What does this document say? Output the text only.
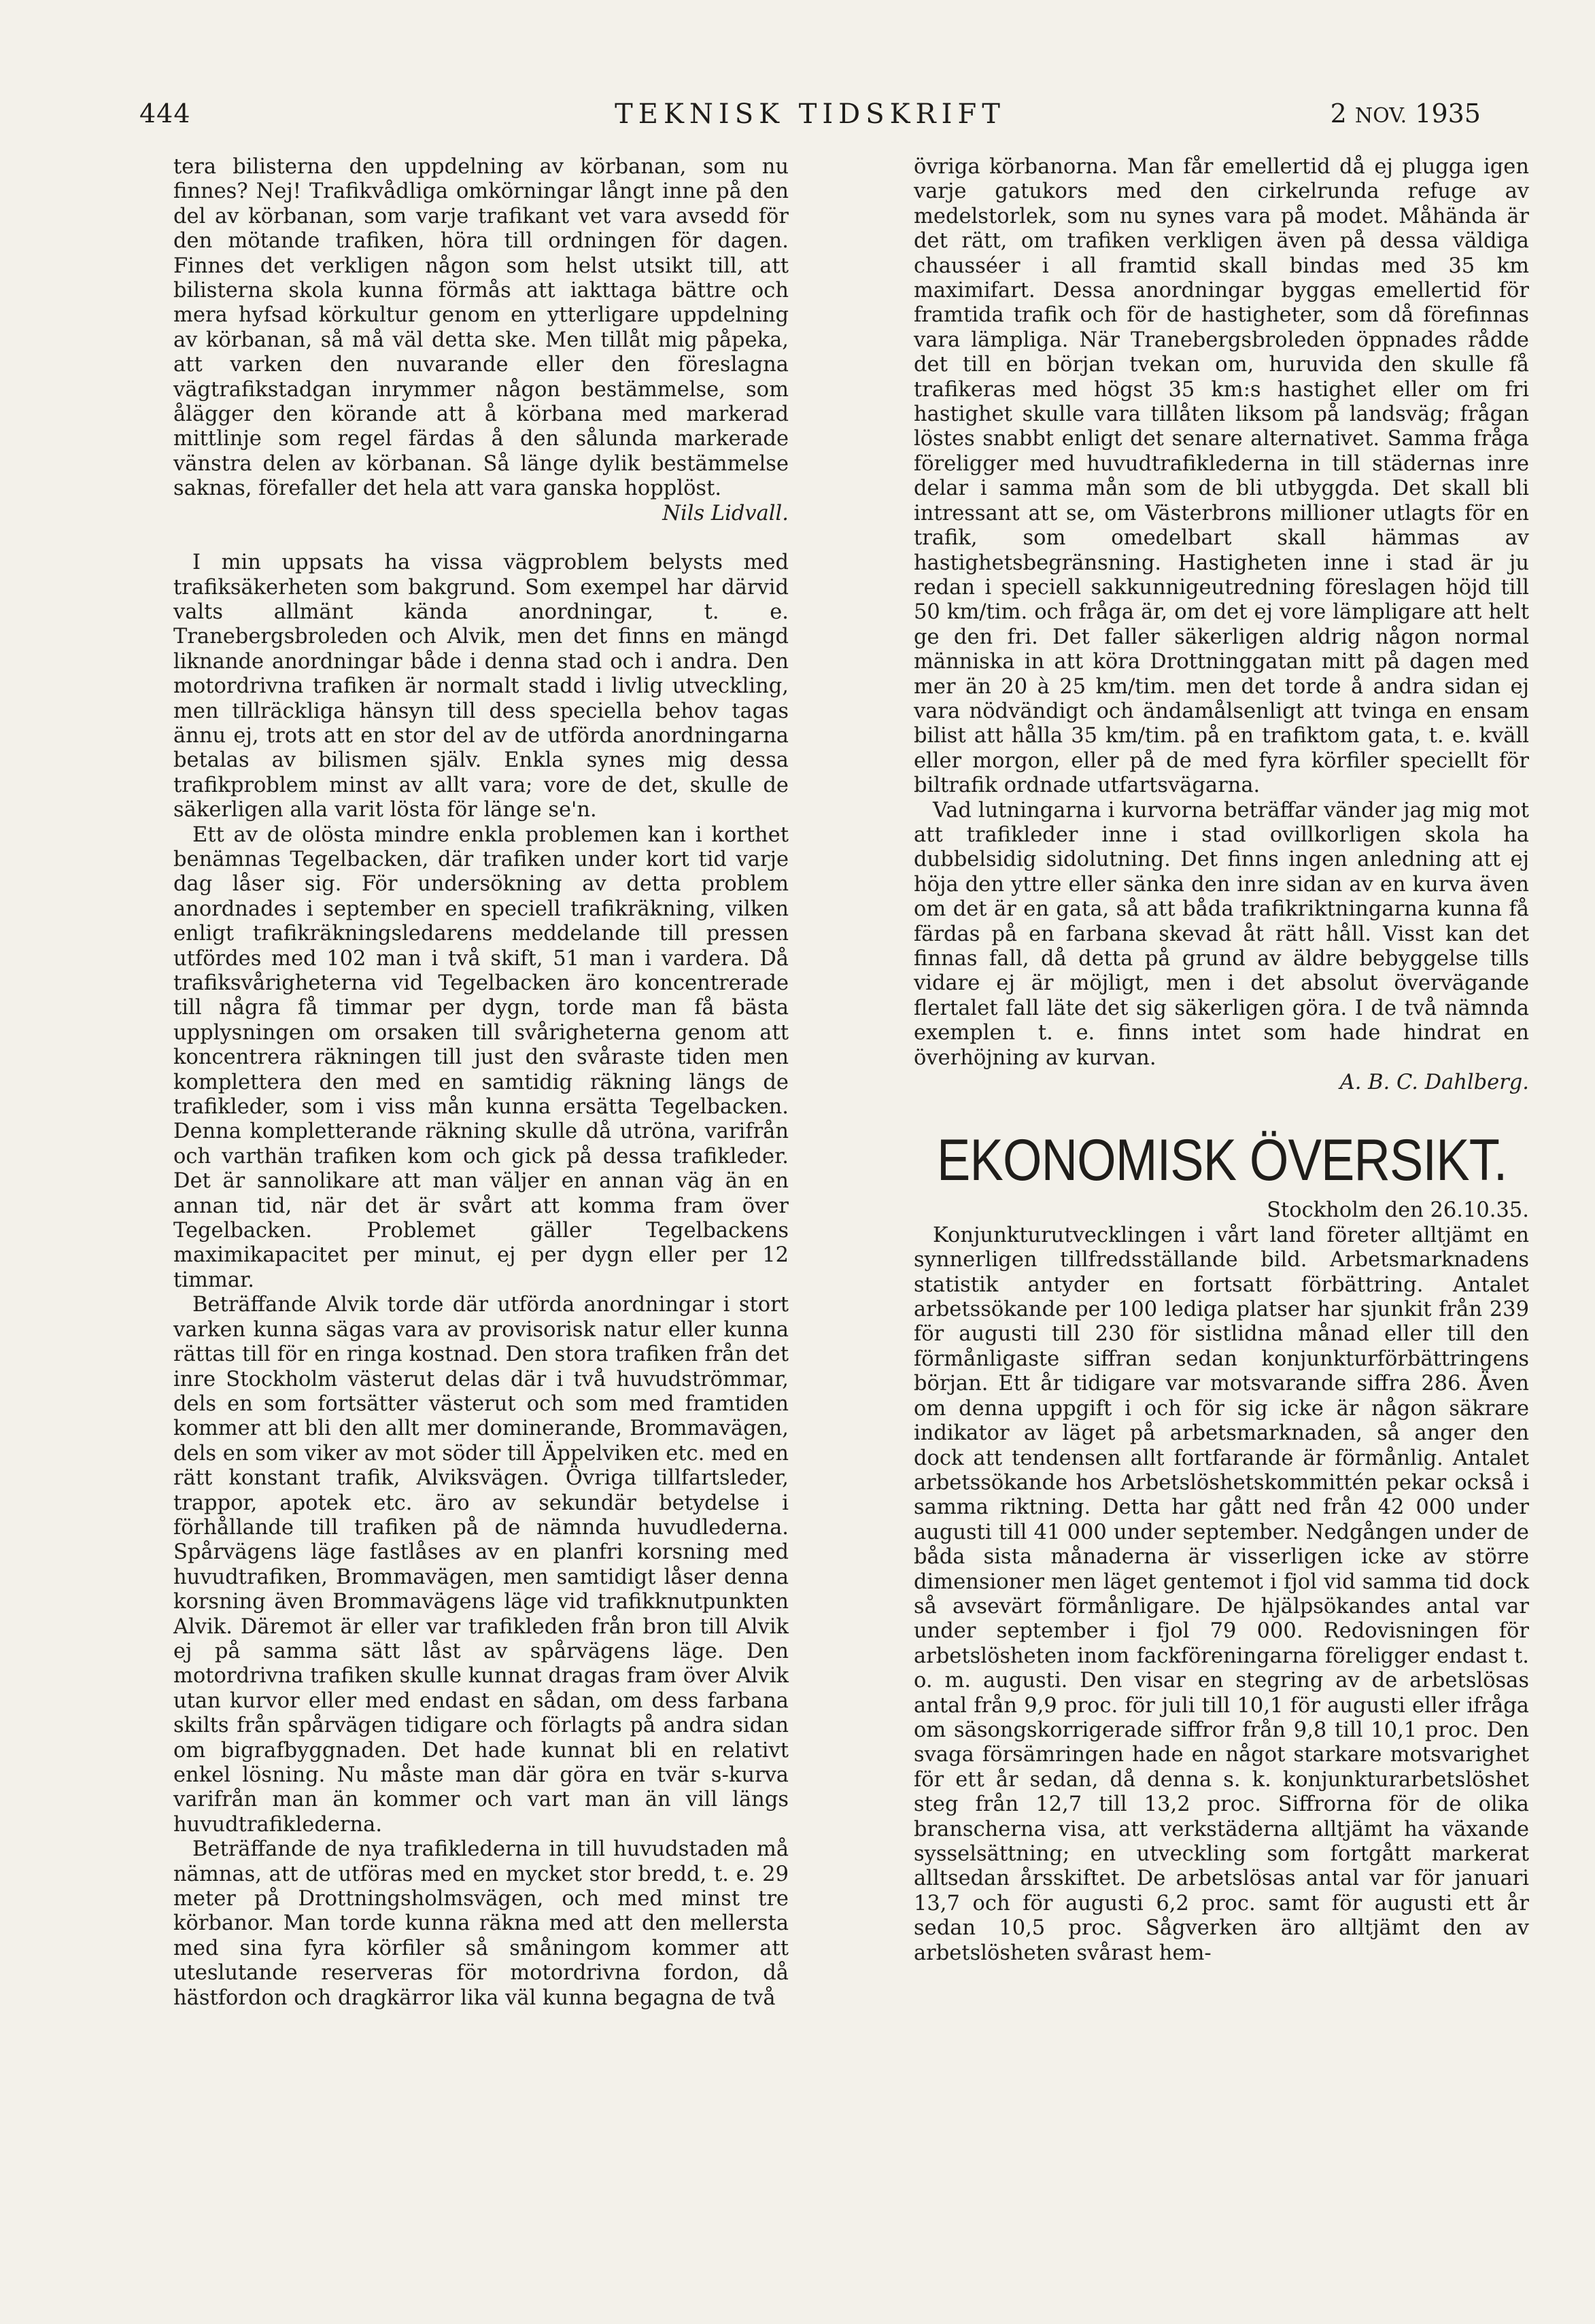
444	TEKNISK TIDSKRIFT	2 NOV. 1935

tera bilisterna den uppdelning av körbanan, som nu finnes? Nej! Trafikvådliga omkörningar långt inne på den del av körbanan, som varje trafikant vet vara avsedd för den mötande trafiken, höra till ordningen för dagen. Finnes det verkligen någon som helst utsikt till, att bilisterna skola kunna förmås att iakttaga bättre och mera hyfsad körkultur genom en ytterligare uppdelning av körbanan, så må väl detta ske. Men tillåt mig påpeka, att varken den nuvarande eller den föreslagna vägtrafikstadgan inrymmer någon bestämmelse, som ålägger den körande att å körbana med markerad mittlinje som regel färdas å den sålunda markerade vänstra delen av körbanan. Så länge dylik bestämmelse saknas, förefaller det hela att vara ganska hopplöst.

Nils Lidvall.

I min uppsats ha vissa vägproblem belysts med trafiksäkerheten som bakgrund. Som exempel har därvid valts allmänt kända anordningar, t. e. Tranebergsbroleden och Alvik, men det finns en mängd liknande anordningar både i denna stad och i andra. Den motordrivna trafiken är normalt stadd i livlig utveckling, men tillräckliga hänsyn till dess speciella behov tagas ännu ej, trots att en stor del av de utförda anordningarna betalas av bilismen själv. Enkla synes mig dessa trafikproblem minst av allt vara; vore de det, skulle de säkerligen alla varit lösta för länge se'n.

Ett av de olösta mindre enkla problemen kan i korthet benämnas Tegelbacken, där trafiken under kort tid varje dag låser sig. För undersökning av detta problem anordnades i september en speciell trafikräkning, vilken enligt trafikräkningsledarens meddelande till pressen utfördes med 102 man i två skift, 51 man i vardera. Då trafiksvårigheterna vid Tegelbacken äro koncentrerade till några få timmar per dygn, torde man få bästa upplysningen om orsaken till svårigheterna genom att koncentrera räkningen till just den svåraste tiden men komplettera den med en samtidig räkning längs de trafikleder, som i viss mån kunna ersätta Tegelbacken. Denna kompletterande räkning skulle då utröna, varifrån och varthän trafiken kom och gick på dessa trafikleder. Det är sannolikare att man väljer en annan väg än en annan tid, när det är svårt att komma fram över Tegelbacken. Problemet gäller Tegelbackens maximikapacitet per minut, ej per dygn eller per 12 timmar.

Beträffande Alvik torde där utförda anordningar i stort varken kunna sägas vara av provisorisk natur eller kunna rättas till för en ringa kostnad. Den stora trafiken från det inre Stockholm västerut delas där i två huvudströmmar, dels en som fortsätter västerut och som med framtiden kommer att bli den allt mer dominerande, Brommavägen, dels en som viker av mot söder till Äppelviken etc. med en rätt konstant trafik, Alviksvägen. Övriga tillfartsleder, trappor, apotek etc. äro av sekundär betydelse i förhållande till trafiken på de nämnda huvudlederna. Spårvägens läge fastlåses av en planfri korsning med huvudtrafiken, Brommavägen, men samtidigt låser denna korsning även Brommavägens läge vid trafikknutpunkten Alvik. Däremot är eller var trafikleden från bron till Alvik ej på samma sätt låst av spårvägens läge. Den motordrivna trafiken skulle kunnat dragas fram över Alvik utan kurvor eller med endast en sådan, om dess farbana skilts från spårvägen tidigare och förlagts på andra sidan om bigrafbyggnaden. Det hade kunnat bli en relativt enkel lösning. Nu måste man där göra en tvär s-kurva varifrån man än kommer och vart man än vill längs huvudtrafiklederna.

Beträffande de nya trafiklederna in till huvudstaden må nämnas, att de utföras med en mycket stor bredd, t. e. 29 meter på Drottningsholmsvägen, och med minst tre körbanor. Man torde kunna räkna med att den mellersta med sina fyra körfiler så småningom kommer att uteslutande reserveras för motordrivna fordon, då hästfordon och dragkärror lika väl kunna begagna de två

övriga körbanorna. Man får emellertid då ej plugga igen varje gatukors med den cirkelrunda refuge av medelstorlek, som nu synes vara på modet. Måhända är det rätt, om trafiken verkligen även på dessa väldiga chausséer i all framtid skall bindas med 35 km maximifart. Dessa anordningar byggas emellertid för framtida trafik och för de hastigheter, som då förefinnas vara lämpliga. När Tranebergsbroleden öppnades rådde det till en början tvekan om, huruvida den skulle få trafikeras med högst 35 km:s hastighet eller om fri hastighet skulle vara tillåten liksom på landsväg; frågan löstes snabbt enligt det senare alternativet. Samma fråga föreligger med huvudtrafiklederna in till städernas inre delar i samma mån som de bli utbyggda. Det skall bli intressant att se, om Västerbrons millioner utlagts för en trafik, som omedelbart skall hämmas av hastighetsbegränsning. Hastigheten inne i stad är ju redan i speciell sakkunnigeutredning föreslagen höjd till 50 km/tim. och fråga är, om det ej vore lämpligare att helt ge den fri. Det faller säkerligen aldrig någon normal människa in att köra Drottninggatan mitt på dagen med mer än 20 à 25 km/tim. men det torde å andra sidan ej vara nödvändigt och ändamålsenligt att tvinga en ensam bilist att hålla 35 km/tim. på en trafiktom gata, t. e. kväll eller morgon, eller på de med fyra körfiler speciellt för biltrafik ordnade utfartsvägarna.

Vad lutningarna i kurvorna beträffar vänder jag mig mot att trafikleder inne i stad ovillkorligen skola ha dubbelsidig sidolutning. Det finns ingen anledning att ej höja den yttre eller sänka den inre sidan av en kurva även om det är en gata, så att båda trafikriktningarna kunna få färdas på en farbana skevad åt rätt håll. Visst kan det finnas fall, då detta på grund av äldre bebyggelse tills vidare ej är möjligt, men i det absolut övervägande flertalet fall läte det sig säkerligen göra. I de två nämnda exemplen t. e. finns intet som hade hindrat en överhöjning av kurvan.

A. B. C. Dahlberg.

EKONOMISK ÖVERSIKT.

Stockholm den 26.10.35.

Konjunkturutvecklingen i vårt land företer alltjämt en synnerligen tillfredsställande bild. Arbetsmarknadens statistik antyder en fortsatt förbättring. Antalet arbetssökande per 100 lediga platser har sjunkit från 239 för augusti till 230 för sistlidna månad eller till den förmånligaste siffran sedan konjunkturförbättringens början. Ett år tidigare var motsvarande siffra 286. Även om denna uppgift i och för sig icke är någon säkrare indikator av läget på arbetsmarknaden, så anger den dock att tendensen allt fortfarande är förmånlig. Antalet arbetssökande hos Arbetslöshetskommittén pekar också i samma riktning. Detta har gått ned från 42 000 under augusti till 41 000 under september. Nedgången under de båda sista månaderna är visserligen icke av större dimensioner men läget gentemot i fjol vid samma tid dock så avsevärt förmånligare. De hjälpsökandes antal var under september i fjol 79 000. Redovisningen för arbetslösheten inom fackföreningarna föreligger endast t. o. m. augusti. Den visar en stegring av de arbetslösas antal från 9,9 proc. för juli till 10,1 för augusti eller ifråga om säsongskorrigerade siffror från 9,8 till 10,1 proc. Den svaga försämringen hade en något starkare motsvarighet för ett år sedan, då denna s. k. konjunkturarbetslöshet steg från 12,7 till 13,2 proc. Siffrorna för de olika branscherna visa, att verkstäderna alltjämt ha växande sysselsättning; en utveckling som fortgått markerat alltsedan årsskiftet. De arbetslösas antal var för januari 13,7 och för augusti 6,2 proc. samt för augusti ett år sedan 10,5 proc. Sågverken äro alltjämt den av arbetslösheten svårast hem-
